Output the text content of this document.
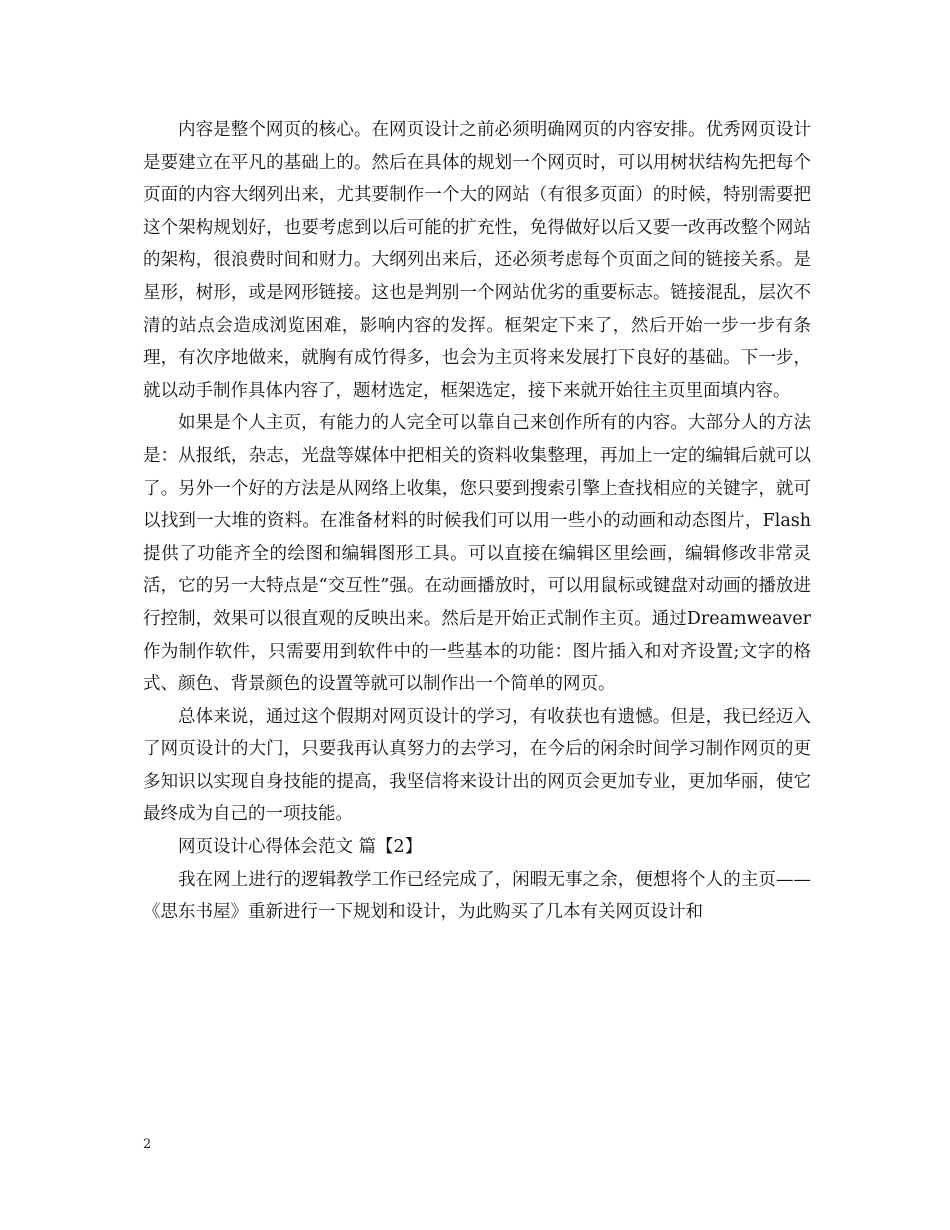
内容是整个网页的核心。在网页设计之前必须明确网页的内容安排。优秀网页设计是要建立在平凡的基础上的。然后在具体的规划一个网页时，可以用树状结构先把每个页面的内容大纲列出来，尤其要制作一个大的网站（有很多页面）的时候，特别需要把这个架构规划好，也要考虑到以后可能的扩充性，免得做好以后又要一改再改整个网站的架构，很浪费时间和财力。大纲列出来后，还必须考虑每个页面之间的链接关系。是星形，树形，或是网形链接。这也是判别一个网站优劣的重要标志。链接混乱，层次不清的站点会造成浏览困难，影响内容的发挥。框架定下来了，然后开始一步一步有条理，有次序地做来，就胸有成竹得多，也会为主页将来发展打下良好的基础。下一步，就以动手制作具体内容了，题材选定，框架选定，接下来就开始往主页里面填内容。

如果是个人主页，有能力的人完全可以靠自己来创作所有的内容。大部分人的方法是：从报纸，杂志，光盘等媒体中把相关的资料收集整理，再加上一定的编辑后就可以了。另外一个好的方法是从网络上收集，您只要到搜索引擎上查找相应的关键字，就可以找到一大堆的资料。在准备材料的时候我们可以用一些小的动画和动态图片，Flash提供了功能齐全的绘图和编辑图形工具。可以直接在编辑区里绘画，编辑修改非常灵活，它的另一大特点是“交互性”强。在动画播放时，可以用鼠标或键盘对动画的播放进行控制，效果可以很直观的反映出来。然后是开始正式制作主页。通过Dreamweaver作为制作软件，只需要用到软件中的一些基本的功能：图片插入和对齐设置;文字的格式、颜色、背景颜色的设置等就可以制作出一个简单的网页。

总体来说，通过这个假期对网页设计的学习，有收获也有遗憾。但是，我已经迈入了网页设计的大门，只要我再认真努力的去学习，在今后的闲余时间学习制作网页的更多知识以实现自身技能的提高，我坚信将来设计出的网页会更加专业，更加华丽，使它最终成为自己的一项技能。

网页设计心得体会范文 篇【2】

我在网上进行的逻辑教学工作已经完成了，闲暇无事之余，便想将个人的主页——《思东书屋》重新进行一下规划和设计，为此购买了几本有关网页设计和

2
